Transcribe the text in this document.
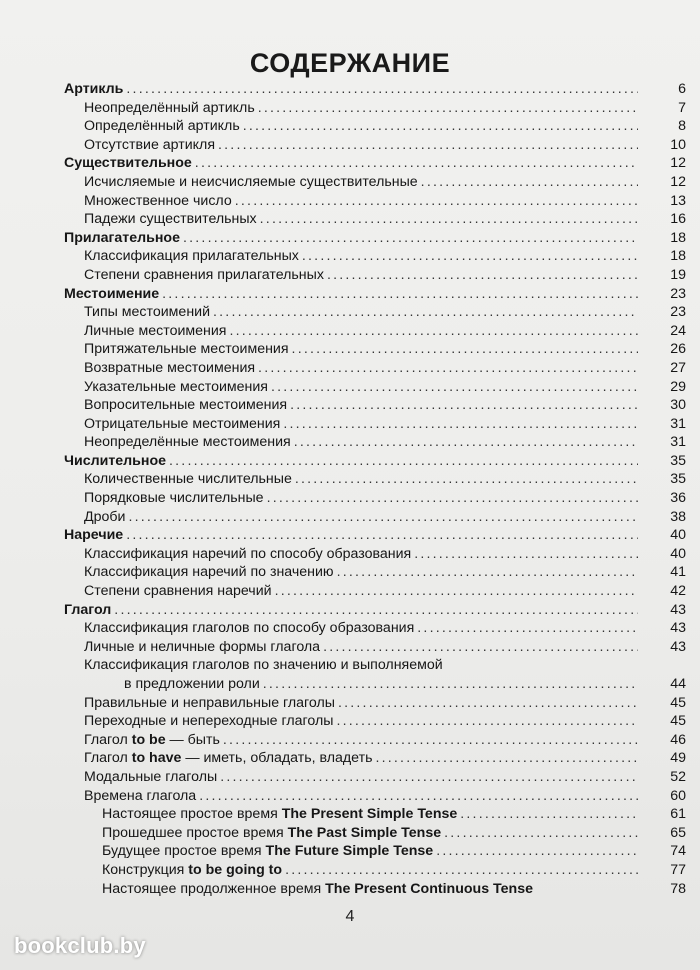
СОДЕРЖАНИЕ
Артикль .....	6
Неопределённый артикль .....	7
Определённый артикль .....	8
Отсутствие артикля .....	10
Существительное .....	12
Исчисляемые и неисчисляемые существительные .....	12
Множественное число .....	13
Падежи существительных .....	16
Прилагательное .....	18
Классификация прилагательных .....	18
Степени сравнения прилагательных .....	19
Местоимение .....	23
Типы местоимений .....	23
Личные местоимения .....	24
Притяжательные местоимения .....	26
Возвратные местоимения .....	27
Указательные местоимения .....	29
Вопросительные местоимения .....	30
Отрицательные местоимения .....	31
Неопределённые местоимения .....	31
Числительное .....	35
Количественные числительные .....	35
Порядковые числительные .....	36
Дроби .....	38
Наречие .....	40
Классификация наречий по способу образования .....	40
Классификация наречий по значению .....	41
Степени сравнения наречий .....	42
Глагол .....	43
Классификация глаголов по способу образования .....	43
Личные и неличные формы глагола .....	43
Классификация глаголов по значению и выполняемой
в предложении роли .....	44
Правильные и неправильные глаголы .....	45
Переходные и непереходные глаголы .....	45
Глагол to be — быть .....	46
Глагол to have — иметь, обладать, владеть .....	49
Модальные глаголы .....	52
Времена глагола .....	60
Настоящее простое время The Present Simple Tense .....	61
Прошедшее простое время The Past Simple Tense .....	65
Будущее простое время The Future Simple Tense .....	74
Конструкция to be going to .....	77
Настоящее продолженное время The Present Continuous Tense	78
4
bookclub.by
